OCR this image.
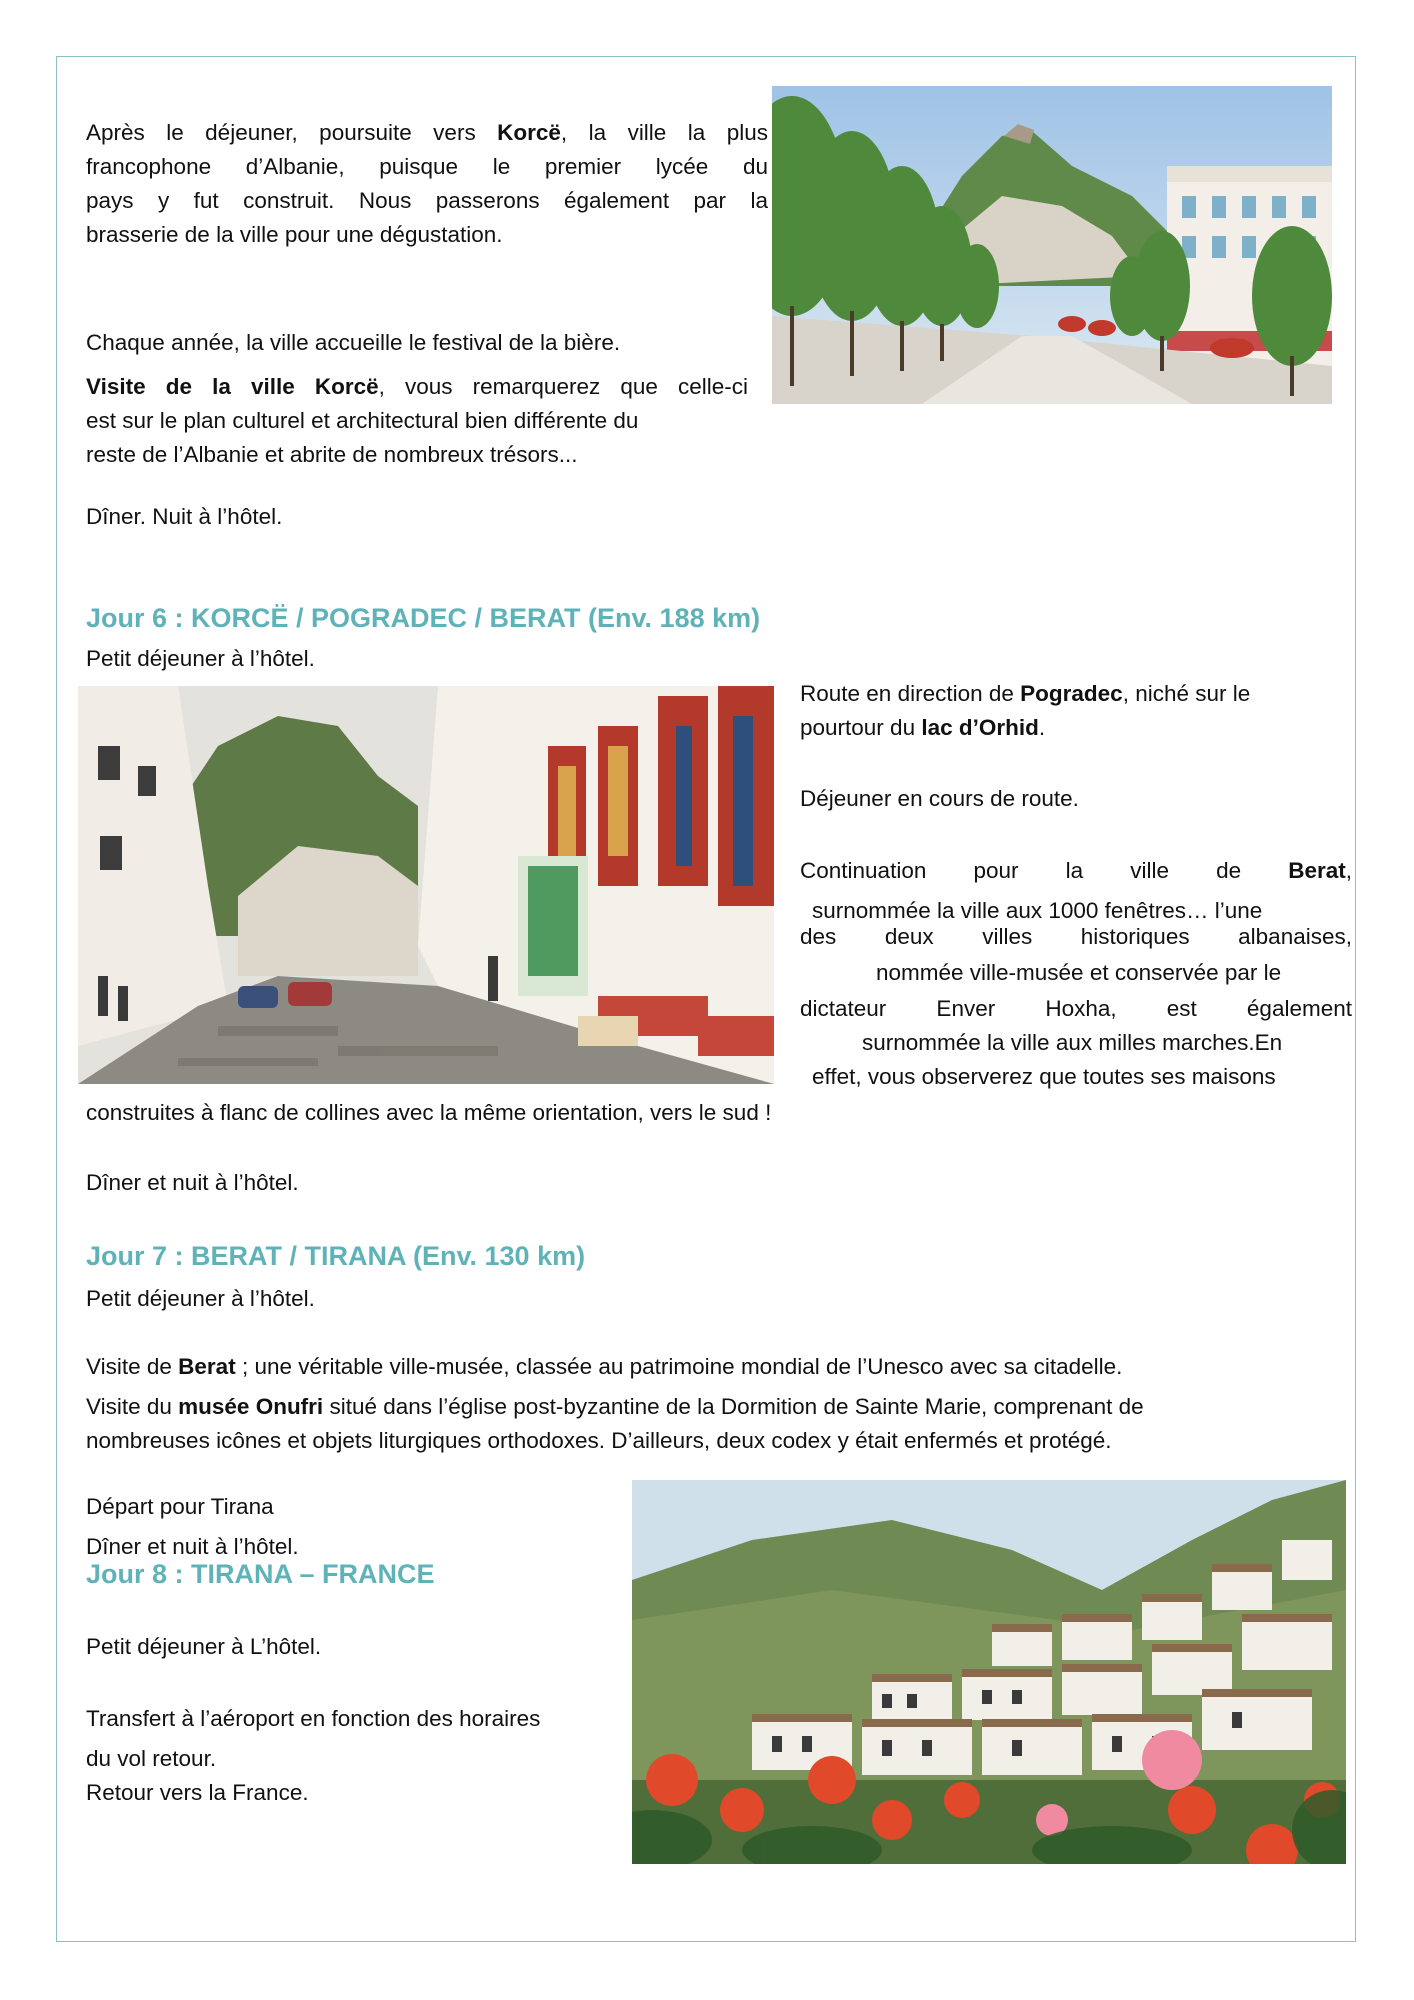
Après le déjeuner, poursuite vers Korcë, la ville la plus

francophone d’Albanie, puisque le premier lycée du

pays y fut construit. Nous passerons également par la

brasserie de la ville pour une dégustation.

Chaque année, la ville accueille le festival de la bière.

Visite de la ville Korcë, vous remarquerez que celle-ci

est sur le plan culturel et architectural bien différente du

reste de l’Albanie et abrite de nombreux trésors...

Dîner. Nuit à l’hôtel.

Jour 6 : KORCË / POGRADEC / BERAT (Env. 188 km)

Petit déjeuner à l’hôtel.

Route en direction de Pogradec, niché sur le

pourtour du lac d’Orhid.

Déjeuner en cours de route.

Continuation pour la ville de Berat,

surnommée la ville aux 1000 fenêtres… l’une

des deux villes historiques albanaises,

nommée ville-musée et conservée par le

dictateur Enver Hoxha, est également

surnommée la ville aux milles marches.En

effet, vous observerez que toutes ses maisons

construites à flanc de collines avec la même orientation, vers le sud !

Dîner et nuit à l’hôtel.

Jour 7 : BERAT / TIRANA (Env. 130 km)

Petit déjeuner à l’hôtel.

Visite de Berat ; une véritable ville-musée, classée au patrimoine mondial de l’Unesco avec sa citadelle.

Visite du musée Onufri situé dans l’église post-byzantine de la Dormition de Sainte Marie, comprenant de

nombreuses icônes et objets liturgiques orthodoxes. D’ailleurs, deux codex y était enfermés et protégé.

Départ pour Tirana

Dîner et nuit à l’hôtel.

Jour 8 : TIRANA – FRANCE

Petit déjeuner à L’hôtel.

Transfert à l’aéroport en fonction des horaires

du vol retour.

Retour vers la France.
